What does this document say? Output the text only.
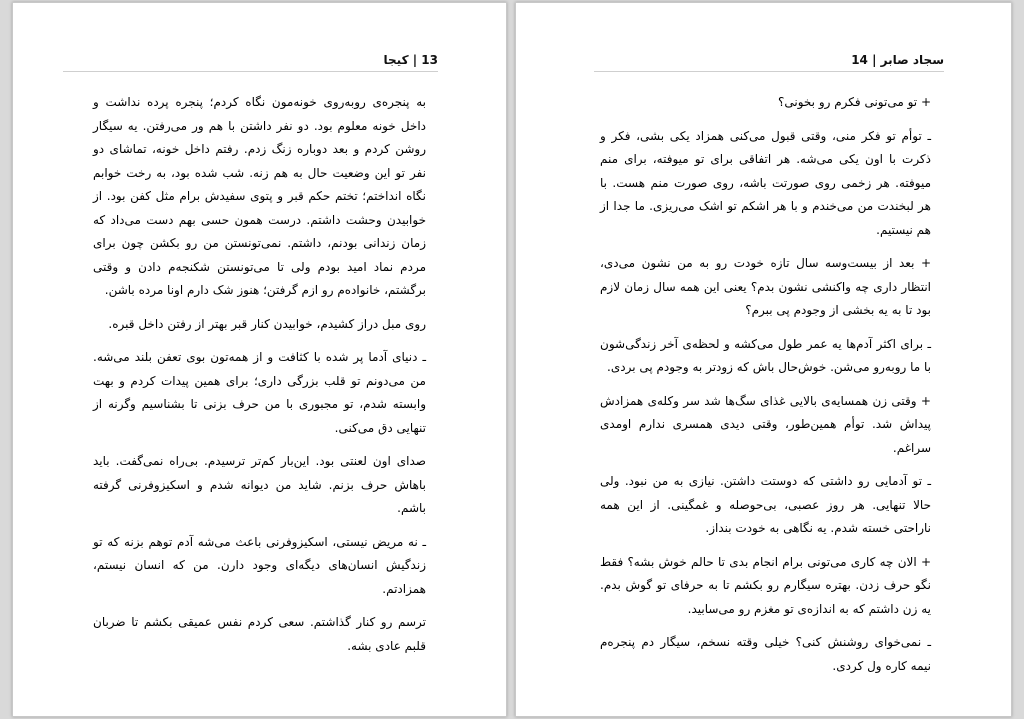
13 | کیجا

به پنجره‌ی روبه‌روی خونه‌مون نگاه کردم؛ پنجره پرده نداشت و داخل خونه معلوم بود. دو نفر داشتن با هم ور می‌رفتن. یه سیگار روشن کردم و بعد دوباره زنگ زدم. رفتم داخل خونه، تماشای دو نفر تو این وضعیت حال به هم زنه. شب شده بود، به رخت خوابم نگاه انداختم؛ تختم حکم قبر و پتوی سفیدش برام مثل کفن بود. از خوابیدن وحشت داشتم. درست همون حسی بهم دست می‌داد که زمان زندانی بودنم، داشتم. نمی‌تونستن من رو بکشن چون برای مردم نماد امید بودم ولی تا می‌تونستن شکنجه‌م دادن و وقتی برگشتم، خانواده‌م رو ازم گرفتن؛ هنوز شک دارم اونا مرده باشن.

روی مبل دراز کشیدم، خوابیدن کنار قبر بهتر از رفتن داخل قبره.

ـ دنیای آدما پر شده با کثافت و از همه‌تون بوی تعفن بلند می‌شه. من می‌دونم تو قلب بزرگی داری؛ برای همین پیدات کردم و بهت وابسته شدم، تو مجبوری با من حرف بزنی تا بشناسیم وگرنه از تنهایی دق می‌کنی.

صدای اون لعنتی بود. این‌بار کم‌تر ترسیدم. بی‌راه نمی‌گفت. باید باهاش حرف بزنم. شاید من دیوانه شدم و اسکیزوفرنی گرفته باشم.

ـ نه مریض نیستی، اسکیزوفرنی باعث می‌شه آدم توهم بزنه که تو زندگیش انسان‌های دیگه‌ای وجود دارن. من که انسان نیستم، همزادتم.

ترسم رو کنار گذاشتم. سعی کردم نفس عمیقی بکشم تا ضربان قلبم عادی بشه.

سجاد صابر | 14

+ تو می‌تونی فکرم رو بخونی؟

ـ توأم تو فکر منی، وقتی قبول می‌کنی همزاد یکی بشی، فکر و ذکرت با اون یکی می‌شه. هر اتفاقی برای تو میوفته، برای منم میوفته. هر زخمی روی صورتت باشه، روی صورت منم هست. با هر لبخندت من می‌خندم و با هر اشکم تو اشک می‌ریزی. ما جدا از هم نیستیم.

+ بعد از بیست‌وسه سال تازه خودت رو به من نشون می‌دی، انتظار داری چه واکنشی نشون بدم؟ یعنی این همه سال زمان لازم بود تا به یه بخشی از وجودم پی ببرم؟

ـ برای اکثر آدم‌ها یه عمر طول می‌کشه و لحظه‌ی آخر زندگی‌شون با ما روبه‌رو می‌شن. خوش‌حال باش که زودتر به وجودم پی بردی.

+ وقتی زن همسایه‌ی بالایی غذای سگ‌ها شد سر وکله‌ی همزادش پیداش شد. توأم همین‌طور، وقتی دیدی همسری ندارم اومدی سراغم.

ـ تو آدمایی رو داشتی که دوستت داشتن. نیازی به من نبود. ولی حالا تنهایی. هر روز عصبی، بی‌حوصله و غمگینی. از این همه ناراحتی خسته شدم. یه نگاهی به خودت بنداز.

+ الان چه کاری می‌تونی برام انجام بدی تا حالم خوش بشه؟ فقط نگو حرف زدن. بهتره سیگارم رو بکشم تا به حرفای تو گوش بدم. یه زن داشتم که به اندازه‌ی تو مغزم رو می‌سابید.

ـ نمی‌خوای روشنش کنی؟ خیلی وقته نسخم، سیگار دم پنجره‌م نیمه کاره ول کردی.
